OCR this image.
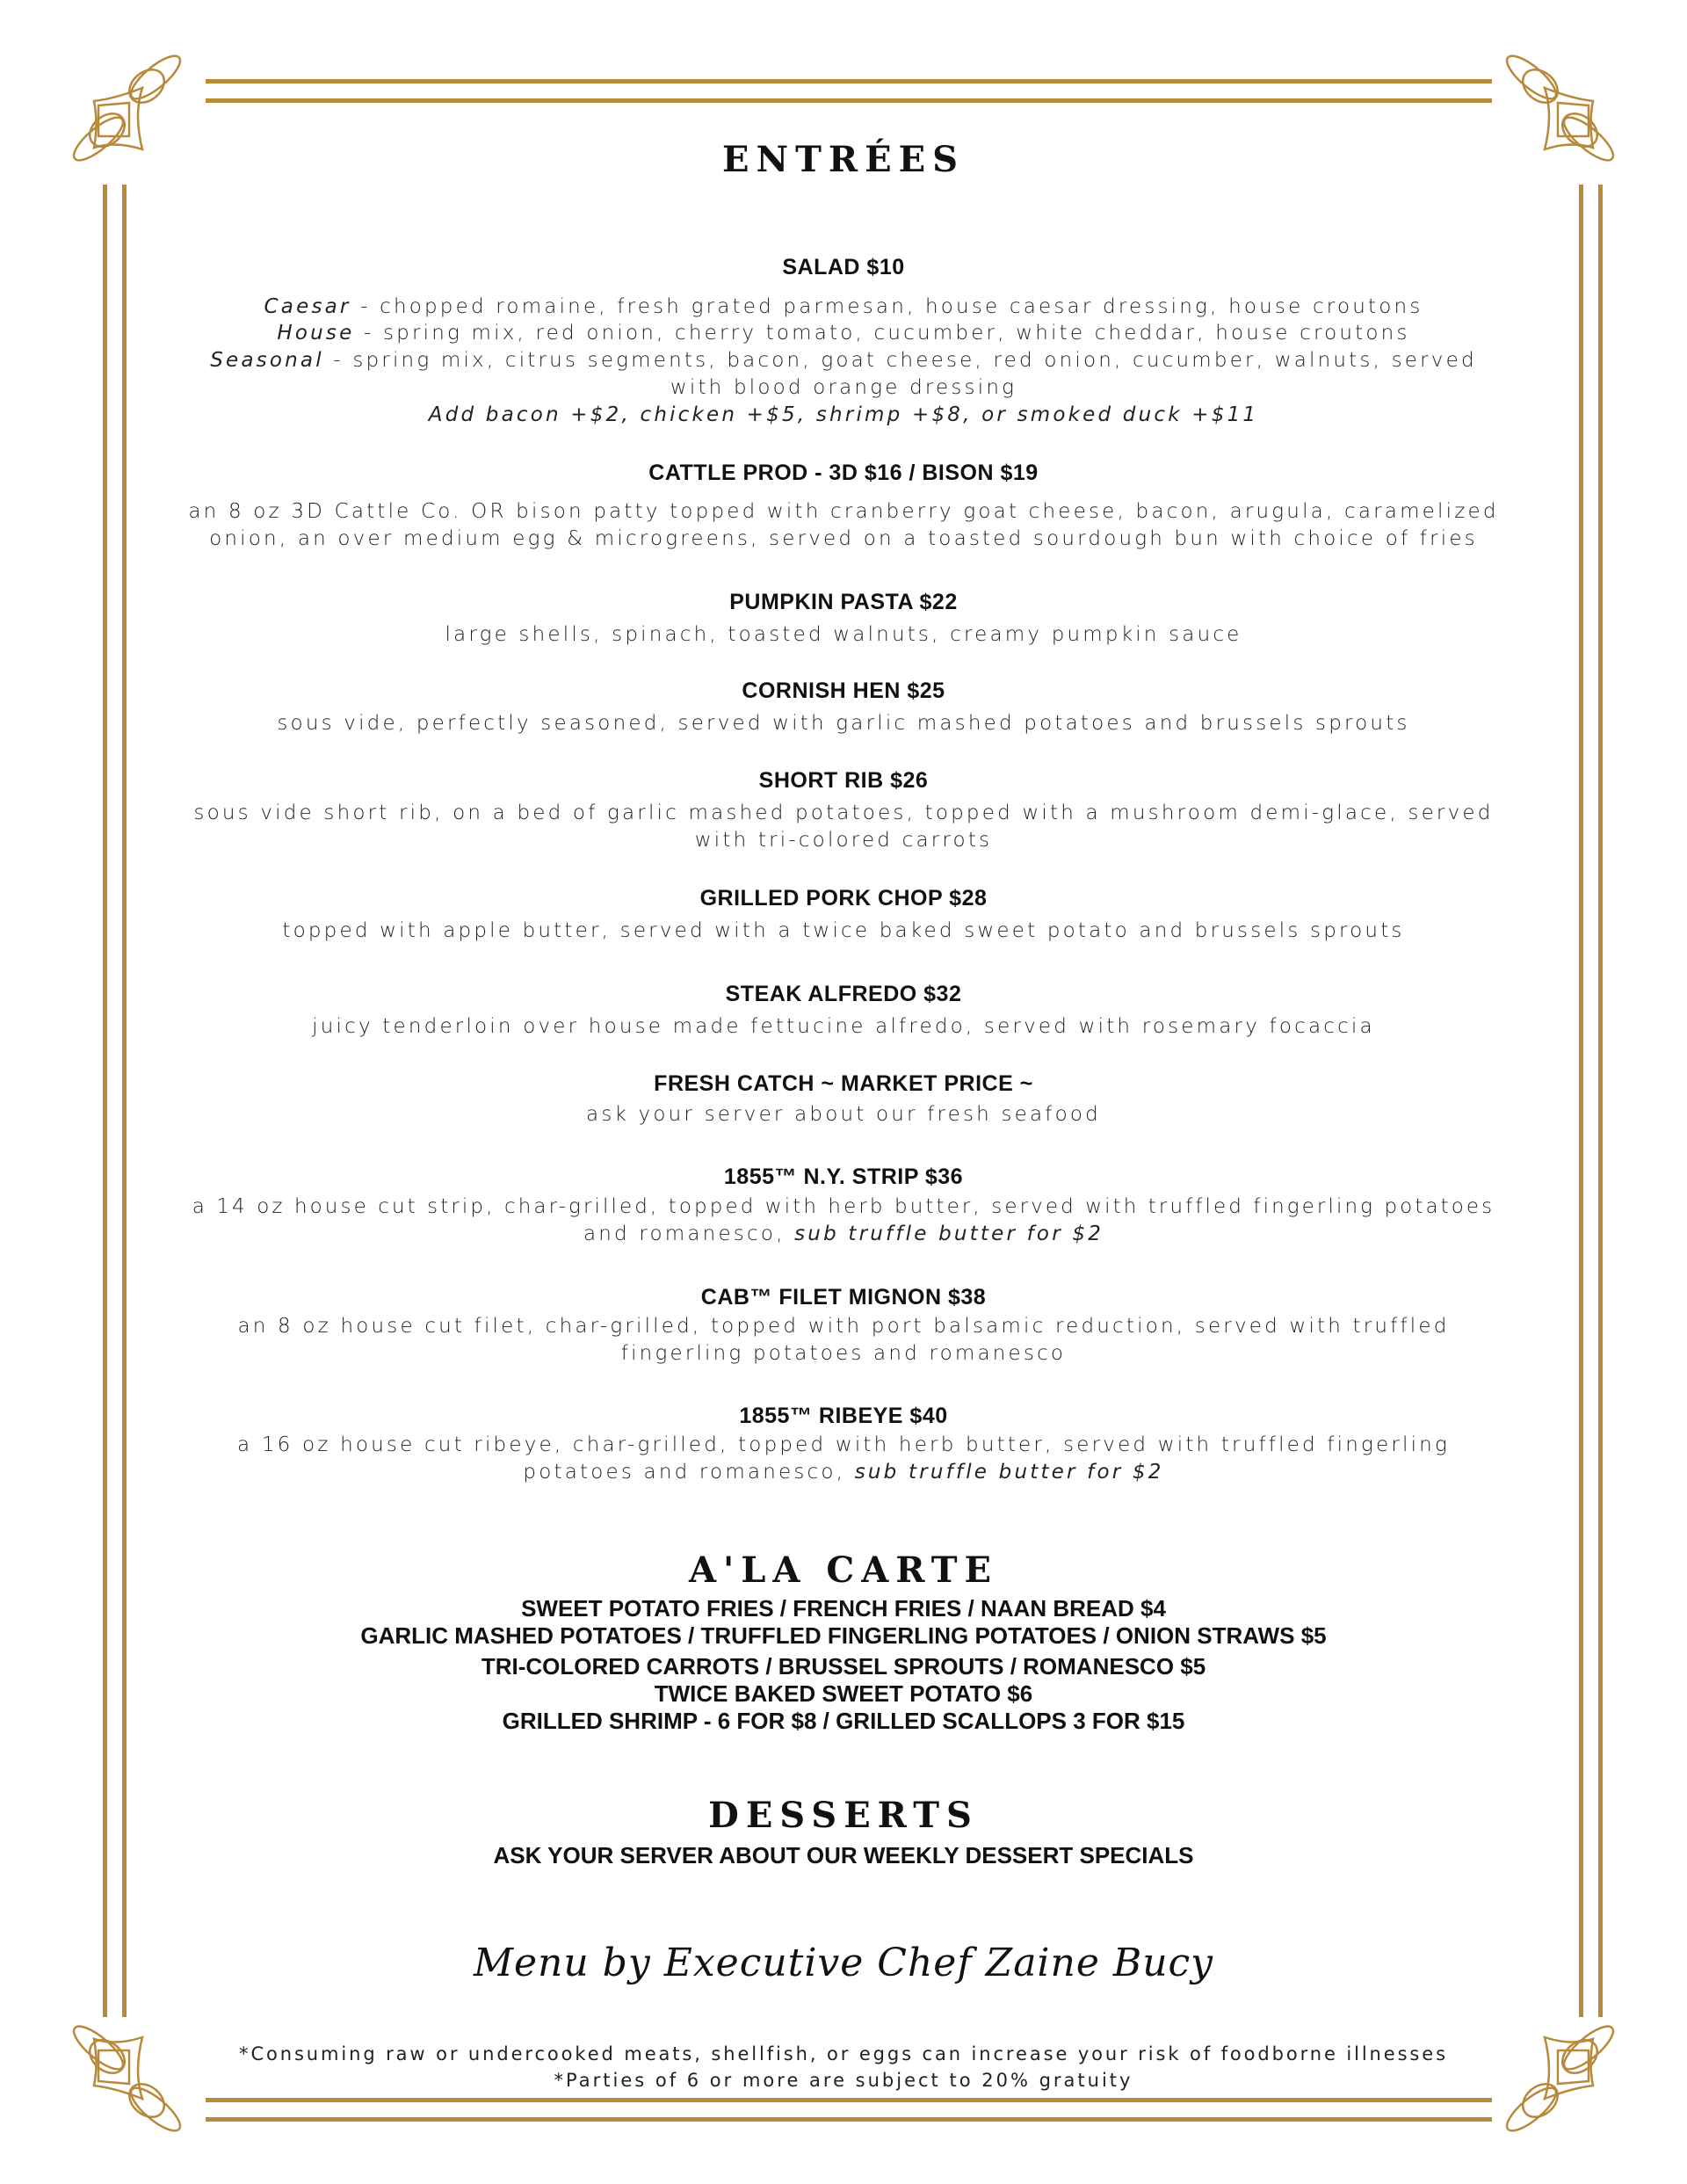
ENTRÉES
SALAD $10
Caesar - chopped romaine, fresh grated parmesan, house caesar dressing, house croutons
House - spring mix, red onion, cherry tomato, cucumber, white cheddar, house croutons
Seasonal - spring mix, citrus segments, bacon, goat cheese, red onion, cucumber, walnuts, served
with blood orange dressing
Add bacon +$2, chicken +$5, shrimp +$8, or smoked duck +$11
CATTLE PROD - 3D $16 / BISON $19
an 8 oz 3D Cattle Co. OR bison patty topped with cranberry goat cheese, bacon, arugula, caramelized
onion, an over medium egg & microgreens, served on a toasted sourdough bun with choice of fries
PUMPKIN PASTA $22
large shells, spinach, toasted walnuts, creamy pumpkin sauce
CORNISH HEN $25
sous vide, perfectly seasoned, served with garlic mashed potatoes and brussels sprouts
SHORT RIB $26
sous vide short rib, on a bed of garlic mashed potatoes, topped with a mushroom demi-glace, served
with tri-colored carrots
GRILLED PORK CHOP $28
topped with apple butter, served with a twice baked sweet potato and brussels sprouts
STEAK ALFREDO $32
juicy tenderloin over house made fettucine alfredo, served with rosemary focaccia
FRESH CATCH ~ MARKET PRICE ~
ask your server about our fresh seafood
1855™ N.Y. STRIP $36
a 14 oz house cut strip, char-grilled, topped with herb butter, served with truffled fingerling potatoes
and romanesco, sub truffle butter for $2
CAB™ FILET MIGNON $38
an 8 oz house cut filet, char-grilled, topped with port balsamic reduction, served with truffled
fingerling potatoes and romanesco
1855™ RIBEYE $40
a 16 oz house cut ribeye, char-grilled, topped with herb butter, served with truffled fingerling
potatoes and romanesco, sub truffle butter for $2
A'LA CARTE
SWEET POTATO FRIES / FRENCH FRIES / NAAN BREAD $4
GARLIC MASHED POTATOES / TRUFFLED FINGERLING POTATOES / ONION STRAWS $5
TRI-COLORED CARROTS / BRUSSEL SPROUTS / ROMANESCO $5
TWICE BAKED SWEET POTATO $6
GRILLED SHRIMP - 6 FOR $8 / GRILLED SCALLOPS 3 FOR $15
DESSERTS
ASK YOUR SERVER ABOUT OUR WEEKLY DESSERT SPECIALS
Menu by Executive Chef Zaine Bucy
*Consuming raw or undercooked meats, shellfish, or eggs can increase your risk of foodborne illnesses
*Parties of 6 or more are subject to 20% gratuity
